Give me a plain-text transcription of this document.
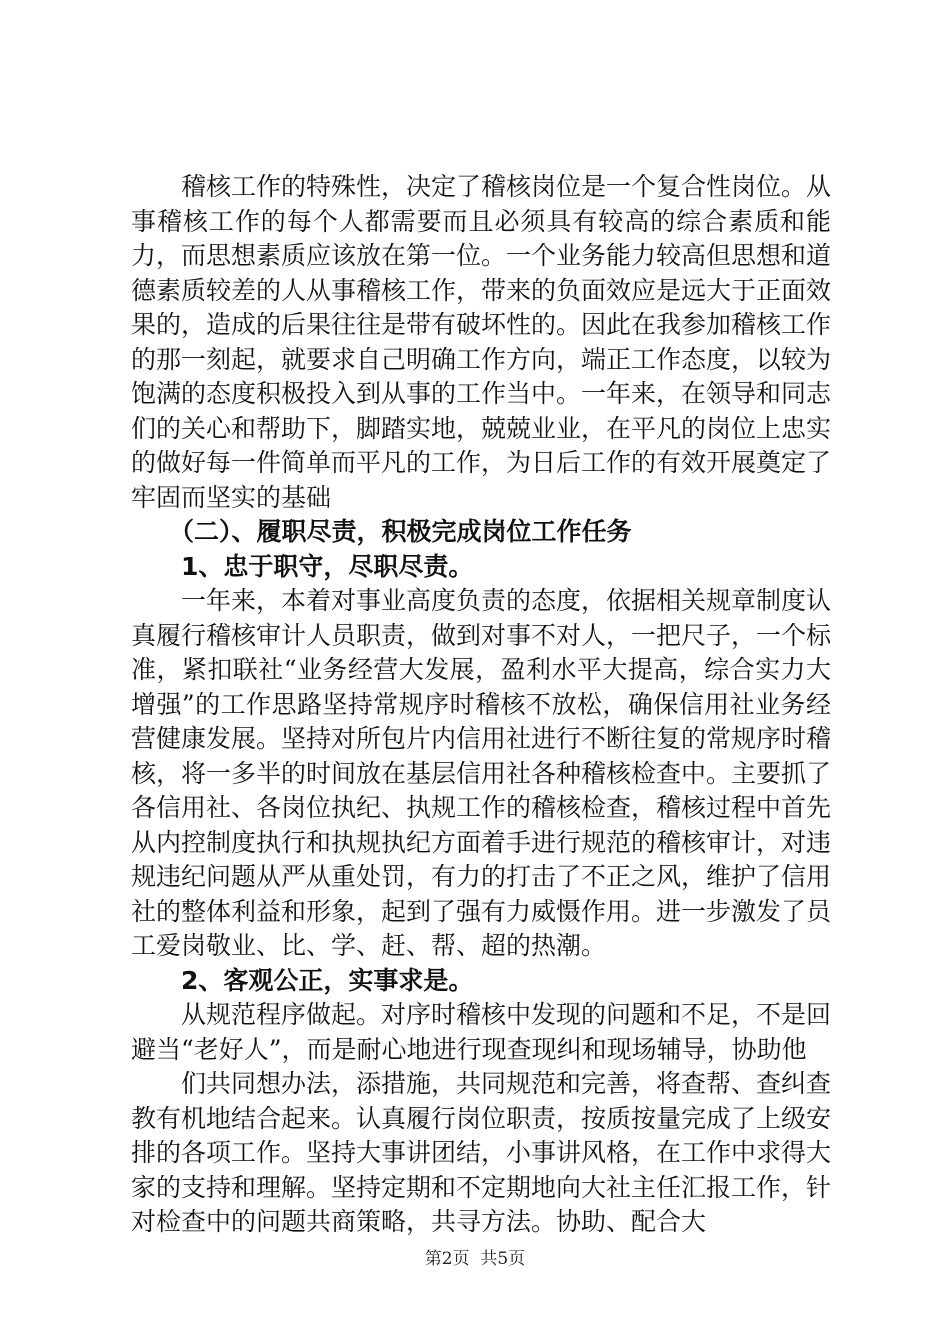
稽核工作的特殊性，决定了稽核岗位是一个复合性岗位。从事稽核工作的每个人都需要而且必须具有较高的综合素质和能力，而思想素质应该放在第一位。一个业务能力较高但思想和道德素质较差的人从事稽核工作，带来的负面效应是远大于正面效果的，造成的后果往往是带有破坏性的。因此在我参加稽核工作的那一刻起，就要求自己明确工作方向，端正工作态度，以较为饱满的态度积极投入到从事的工作当中。一年来，在领导和同志们的关心和帮助下，脚踏实地，兢兢业业，在平凡的岗位上忠实的做好每一件简单而平凡的工作，为日后工作的有效开展奠定了牢固而坚实的基础

（二）、履职尽责，积极完成岗位工作任务

1、忠于职守，尽职尽责。

一年来，本着对事业高度负责的态度，依据相关规章制度认真履行稽核审计人员职责，做到对事不对人，一把尺子，一个标准，紧扣联社“业务经营大发展，盈利水平大提高，综合实力大增强”的工作思路坚持常规序时稽核不放松，确保信用社业务经营健康发展。坚持对所包片内信用社进行不断往复的常规序时稽核，将一多半的时间放在基层信用社各种稽核检查中。主要抓了各信用社、各岗位执纪、执规工作的稽核检查，稽核过程中首先从内控制度执行和执规执纪方面着手进行规范的稽核审计，对违规违纪问题从严从重处罚，有力的打击了不正之风，维护了信用社的整体利益和形象，起到了强有力威慑作用。进一步激发了员工爱岗敬业、比、学、赶、帮、超的热潮。

2、客观公正，实事求是。

从规范程序做起。对序时稽核中发现的问题和不足，不是回避当“老好人”，而是耐心地进行现查现纠和现场辅导，协助他

们共同想办法，添措施，共同规范和完善，将查帮、查纠查教有机地结合起来。认真履行岗位职责，按质按量完成了上级安排的各项工作。坚持大事讲团结，小事讲风格，在工作中求得大家的支持和理解。坚持定期和不定期地向大社主任汇报工作，针对检查中的问题共商策略，共寻方法。协助、配合大

第2页  共5页
